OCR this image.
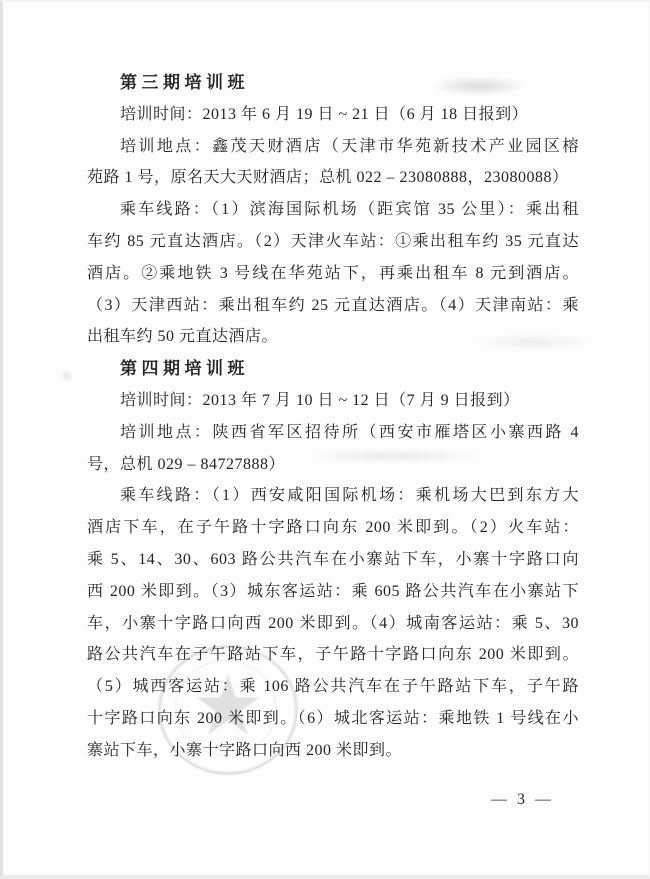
★
第三期培训班
培训时间：2013 年 6 月 19 日 ~ 21 日（6 月 18 日报到）
培训地点：鑫茂天财酒店（天津市华苑新技术产业园区榕
苑路 1 号，原名天大天财酒店；总机 022 – 23080888，23080088）
乘车线路：（1）滨海国际机场（距宾馆 35 公里）：乘出租
车约 85 元直达酒店。（2）天津火车站：①乘出租车约 35 元直达
酒店。②乘地铁 3 号线在华苑站下，再乘出租车 8 元到酒店。
（3）天津西站：乘出租车约 25 元直达酒店。（4）天津南站：乘
出租车约 50 元直达酒店。
第四期培训班
培训时间：2013 年 7 月 10 日 ~ 12 日（7 月 9 日报到）
培训地点：陕西省军区招待所（西安市雁塔区小寨西路 4
号，总机 029 – 84727888）
乘车线路：（1）西安咸阳国际机场：乘机场大巴到东方大
酒店下车，在子午路十字路口向东 200 米即到。（2）火车站：
乘 5、14、30、603 路公共汽车在小寨站下车，小寨十字路口向
西 200 米即到。（3）城东客运站：乘 605 路公共汽车在小寨站下
车，小寨十字路口向西 200 米即到。（4）城南客运站：乘 5、30
路公共汽车在子午路站下车，子午路十字路口向东 200 米即到。
（5）城西客运站：乘 106 路公共汽车在子午路站下车，子午路
十字路口向东 200 米即到。（6）城北客运站：乘地铁 1 号线在小
寨站下车，小寨十字路口向西 200 米即到。
— 3 —
